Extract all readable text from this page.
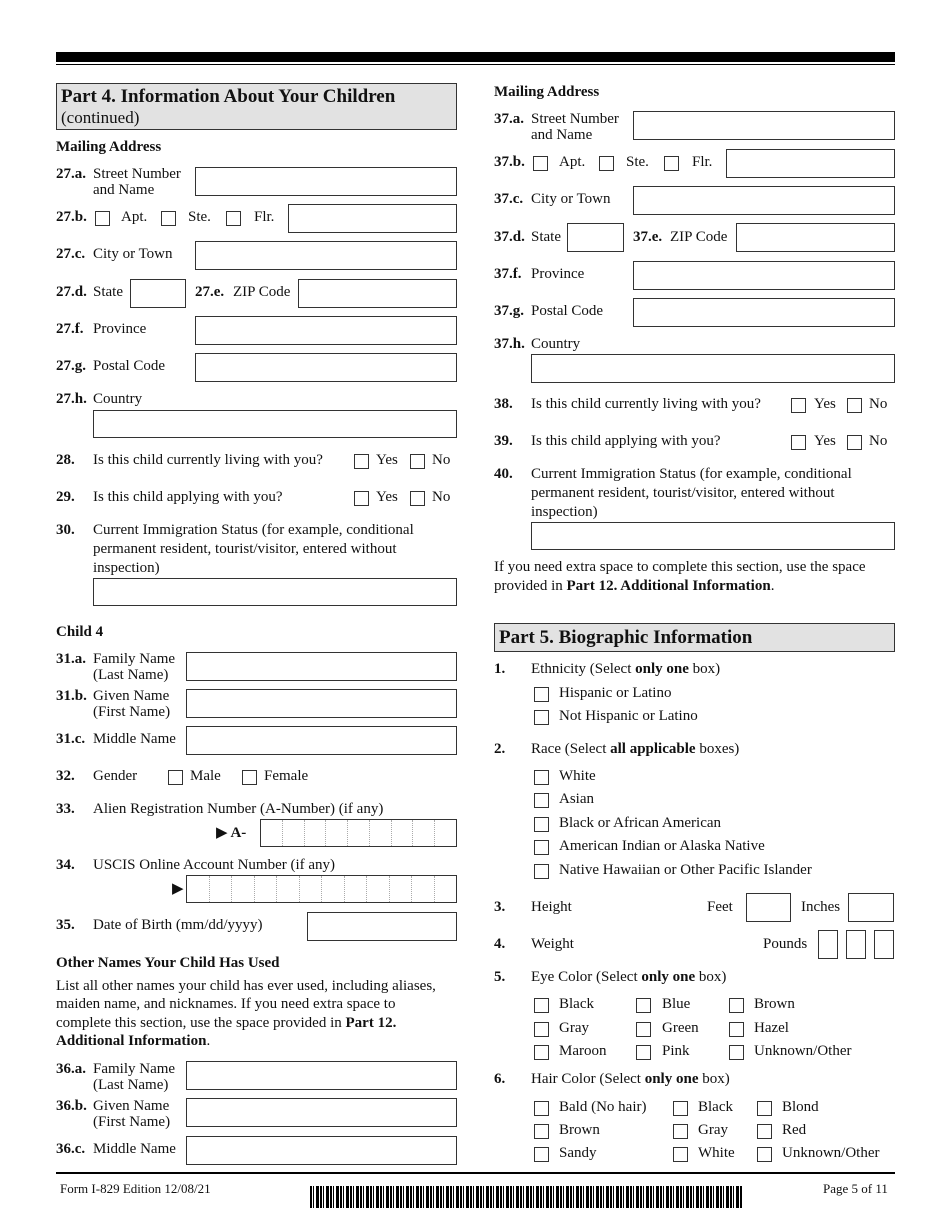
Part 4. Information About Your Children
(continued)
Mailing Address
27.a. Street Number
and Name
27.b. Apt.	Ste.	Flr.
27.c. City or Town
27.d. State	27.e. ZIP Code
27.f. Province
27.g. Postal Code
27.h. Country
28. Is this child currently living with you?	Yes No
29. Is this child applying with you?	Yes No
30. Current Immigration Status (for example, conditional
permanent resident, tourist/visitor, entered without
inspection)
Child 4
31.a. Family Name
(Last Name)
31.b. Given Name
(First Name)
31.c. Middle Name
32. Gender	Male	Female
33. Alien Registration Number (A-Number) (if any)
▶ A-
34. USCIS Online Account Number (if any)
▶
35. Date of Birth (mm/dd/yyyy)
Other Names Your Child Has Used
List all other names your child has ever used, including aliases,
maiden name, and nicknames. If you need extra space to
complete this section, use the space provided in Part 12.
Additional Information.
36.a. Family Name
(Last Name)
36.b. Given Name
(First Name)
36.c. Middle Name
Mailing Address
37.a. Street Number
and Name
37.b. Apt.	Ste.	Flr.
37.c. City or Town
37.d. State	37.e. ZIP Code
37.f. Province
37.g. Postal Code
37.h. Country
38. Is this child currently living with you?	Yes No
39. Is this child applying with you?	Yes No
40. Current Immigration Status (for example, conditional
permanent resident, tourist/visitor, entered without
inspection)
If you need extra space to complete this section, use the space
provided in Part 12. Additional Information.
Part 5. Biographic Information
1. Ethnicity (Select only one box)
Hispanic or Latino
Not Hispanic or Latino
2. Race (Select all applicable boxes)
White
Asian
Black or African American
American Indian or Alaska Native
Native Hawaiian or Other Pacific Islander
3. Height	Feet	Inches
4. Weight	Pounds
5. Eye Color (Select only one box)
Black	Blue	Brown
Gray	Green	Hazel
Maroon	Pink	Unknown/Other
6. Hair Color (Select only one box)
Bald (No hair)	Black	Blond
Brown	Gray	Red
Sandy	White	Unknown/Other
Form I-829 Edition 12/08/21	Page 5 of 11
